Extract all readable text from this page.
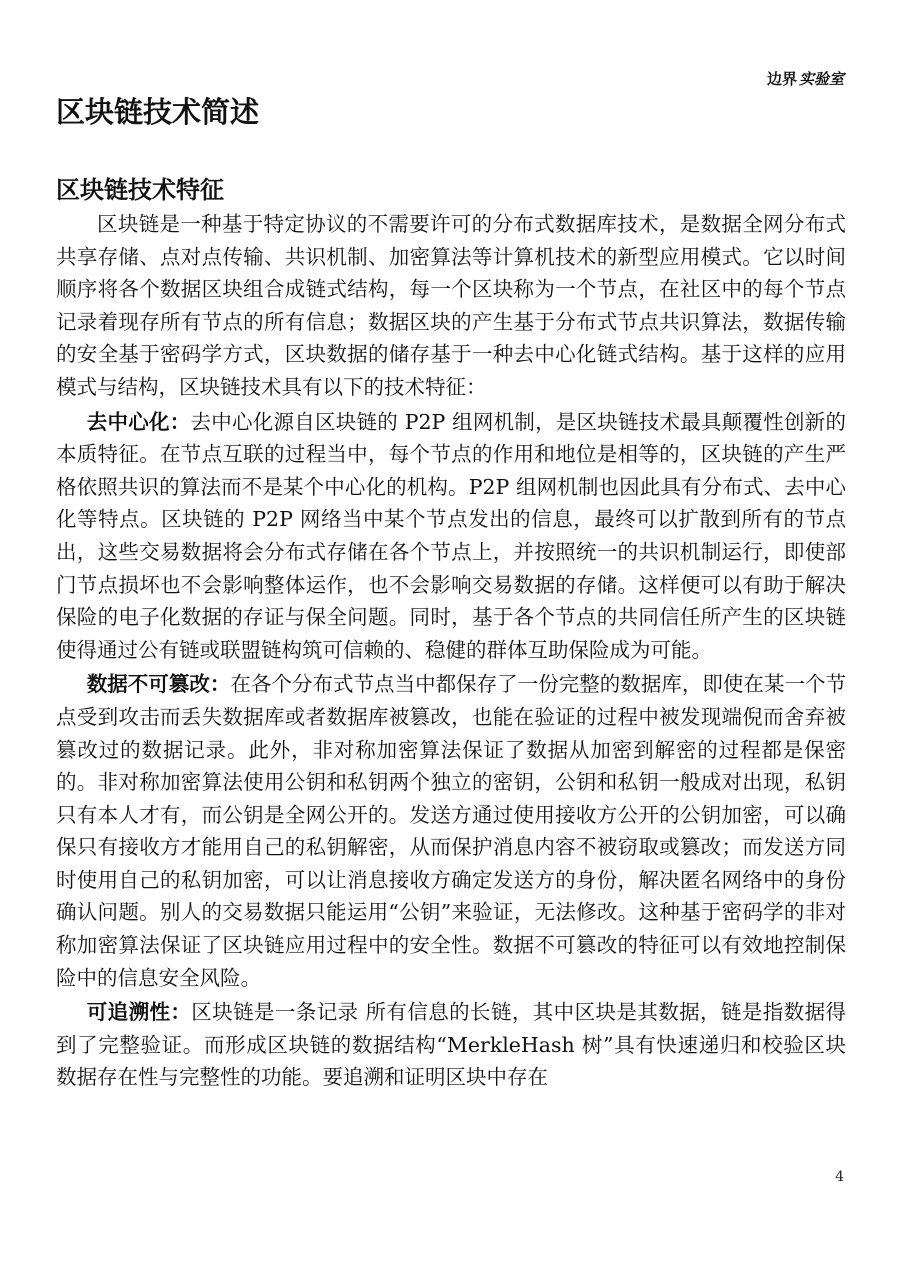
边界 实验室
区块链技术简述
区块链技术特征

区块链是一种基于特定协议的不需要许可的分布式数据库技术，是数据全网分布式共享存储、点对点传输、共识机制、加密算法等计算机技术的新型应用模式。它以时间顺序将各个数据区块组合成链式结构，每一个区块称为一个节点，在社区中的每个节点记录着现存所有节点的所有信息；数据区块的产生基于分布式节点共识算法，数据传输的安全基于密码学方式，区块数据的储存基于一种去中心化链式结构。基于这样的应用模式与结构，区块链技术具有以下的技术特征：

去中心化：去中心化源自区块链的 P2P 组网机制，是区块链技术最具颠覆性创新的本质特征。在节点互联的过程当中，每个节点的作用和地位是相等的，区块链的产生严格依照共识的算法而不是某个中心化的机构。P2P 组网机制也因此具有分布式、去中心化等特点。区块链的 P2P 网络当中某个节点发出的信息，最终可以扩散到所有的节点出，这些交易数据将会分布式存储在各个节点上，并按照统一的共识机制运行，即使部门节点损坏也不会影响整体运作，也不会影响交易数据的存储。这样便可以有助于解决保险的电子化数据的存证与保全问题。同时，基于各个节点的共同信任所产生的区块链使得通过公有链或联盟链构筑可信赖的、稳健的群体互助保险成为可能。

数据不可篡改：在各个分布式节点当中都保存了一份完整的数据库，即使在某一个节点受到攻击而丢失数据库或者数据库被篡改，也能在验证的过程中被发现端倪而舍弃被篡改过的数据记录。此外，非对称加密算法保证了数据从加密到解密的过程都是保密的。非对称加密算法使用公钥和私钥两个独立的密钥，公钥和私钥一般成对出现，私钥只有本人才有，而公钥是全网公开的。发送方通过使用接收方公开的公钥加密，可以确保只有接收方才能用自己的私钥解密，从而保护消息内容不被窃取或篡改；而发送方同时使用自己的私钥加密，可以让消息接收方确定发送方的身份，解决匿名网络中的身份确认问题。别人的交易数据只能运用“公钥”来验证，无法修改。这种基于密码学的非对称加密算法保证了区块链应用过程中的安全性。数据不可篡改的特征可以有效地控制保险中的信息安全风险。

可追溯性：区块链是一条记录 所有信息的长链，其中区块是其数据，链是指数据得到了完整验证。而形成区块链的数据结构“MerkleHash 树”具有快速递归和校验区块数据存在性与完整性的功能。要追溯和证明区块中存在

4
